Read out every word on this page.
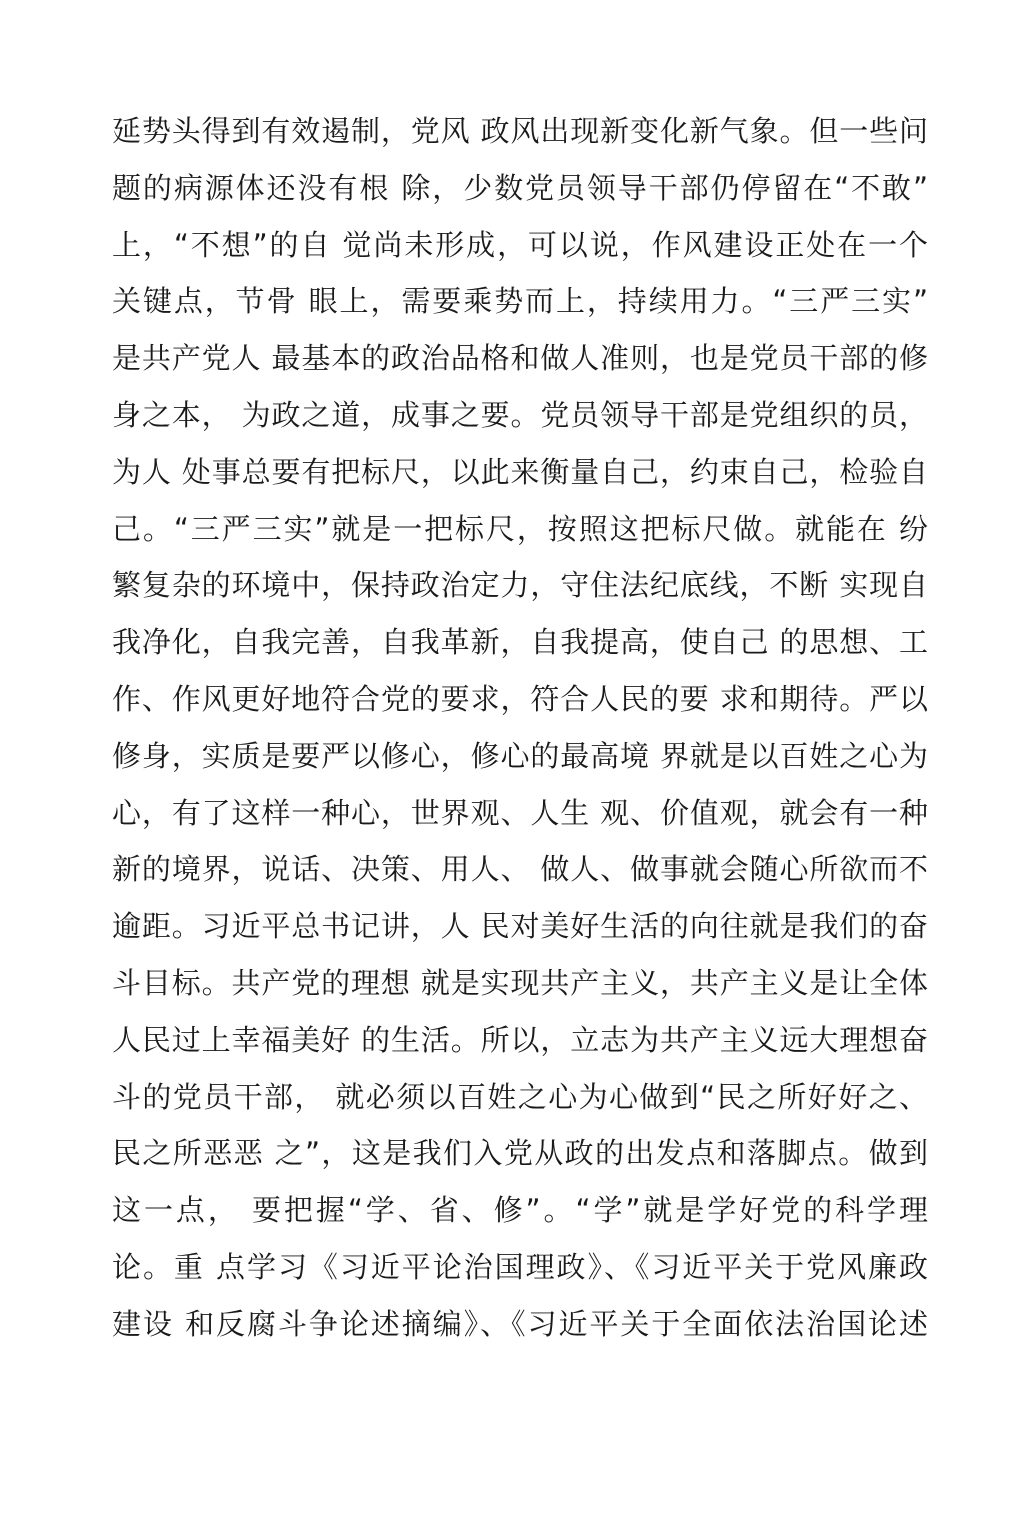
延势头得到有效遏制，党风 政风出现新变化新气象。但一些问
题的病源体还没有根 除，少数党员领导干部仍停留在“不敢”
上，“不想”的自 觉尚未形成，可以说，作风建设正处在一个
关键点，节骨 眼上，需要乘势而上，持续用力。“三严三实”
是共产党人 最基本的政治品格和做人准则，也是党员干部的修
身之本， 为政之道，成事之要。党员领导干部是党组织的员，
为人 处事总要有把标尺，以此来衡量自己，约束自己，检验自
己。“三严三实”就是一把标尺，按照这把标尺做。就能在 纷
繁复杂的环境中，保持政治定力，守住法纪底线，不断 实现自
我净化，自我完善，自我革新，自我提高，使自己 的思想、工
作、作风更好地符合党的要求，符合人民的要 求和期待。严以
修身，实质是要严以修心，修心的最高境 界就是以百姓之心为
心，有了这样一种心，世界观、人生 观、价值观，就会有一种
新的境界，说话、决策、用人、 做人、做事就会随心所欲而不
逾距。习近平总书记讲，人 民对美好生活的向往就是我们的奋
斗目标。共产党的理想 就是实现共产主义，共产主义是让全体
人民过上幸福美好 的生活。所以，立志为共产主义远大理想奋
斗的党员干部， 就必须以百姓之心为心做到“民之所好好之、
民之所恶恶 之”，这是我们入党从政的出发点和落脚点。做到
这一点， 要把握“学、省、修”。“学”就是学好党的科学理
论。重 点学习《习近平论治国理政》、《习近平关于党风廉政
建设 和反腐斗争论述摘编》、《习近平关于全面依法治国论述
